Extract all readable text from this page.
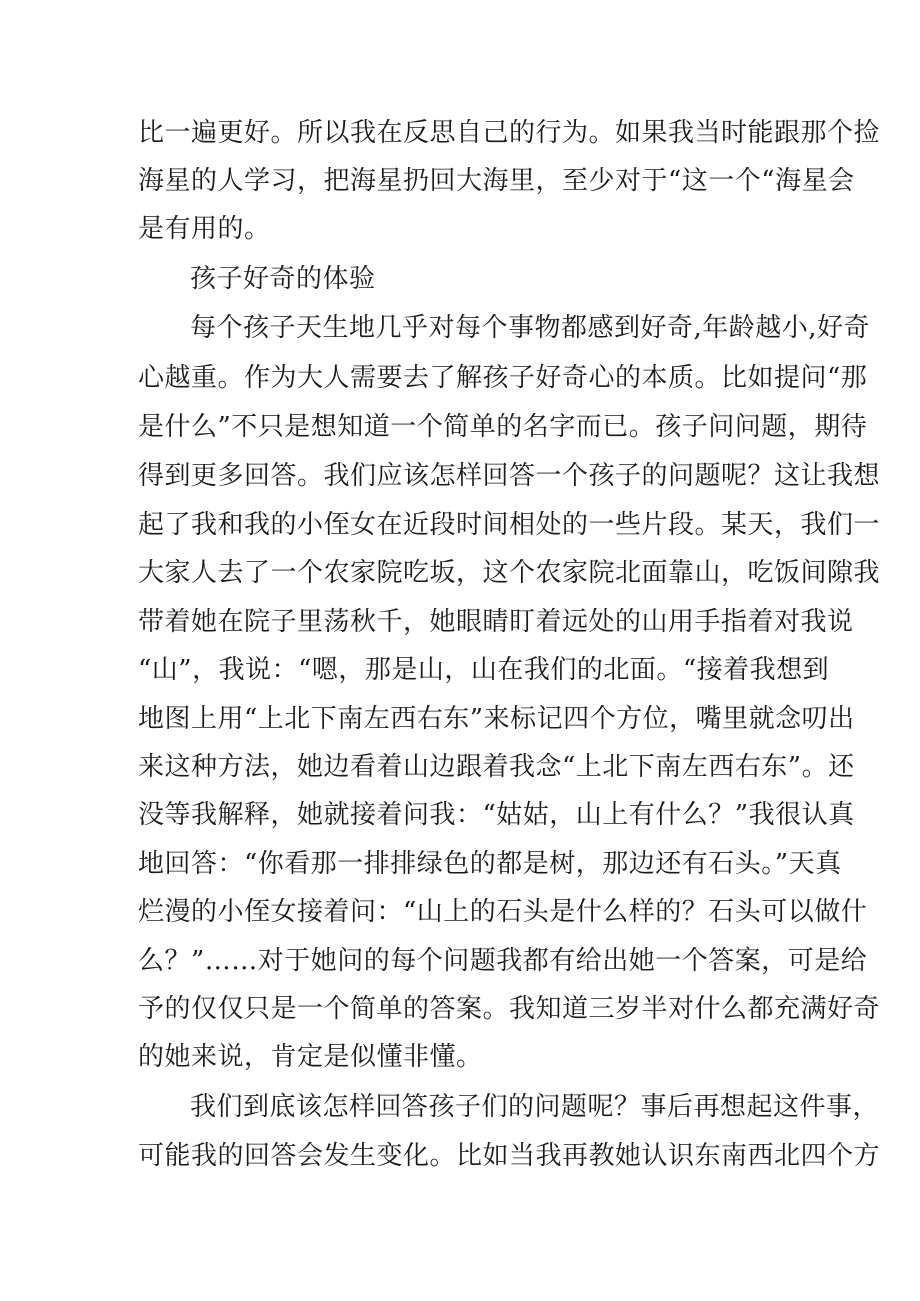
比一遍更好。所以我在反思自己的行为。如果我当时能跟那个捡
海星的人学习，把海星扔回大海里，至少对于“这一个“海星会
是有用的。
孩子好奇的体验
每个孩子天生地几乎对每个事物都感到好奇,年龄越小,好奇
心越重。作为大人需要去了解孩子好奇心的本质。比如提问“那
是什么”不只是想知道一个简单的名字而已。孩子问问题，期待
得到更多回答。我们应该怎样回答一个孩子的问题呢？这让我想
起了我和我的小侄女在近段时间相处的一些片段。某天，我们一
大家人去了一个农家院吃坂，这个农家院北面靠山，吃饭间隙我
带着她在院子里荡秋千，她眼睛盯着远处的山用手指着对我说
“山”，我说：“嗯，那是山，山在我们的北面。“接着我想到
地图上用“上北下南左西右东”来标记四个方位，嘴里就念叨出
来这种方法，她边看着山边跟着我念“上北下南左西右东”。还
没等我解释，她就接着问我：“姑姑，山上有什么？”我很认真
地回答：“你看那一排排绿色的都是树，那边还有石头。”天真
烂漫的小侄女接着问：“山上的石头是什么样的？石头可以做什
么？”……对于她问的每个问题我都有给出她一个答案，可是给
予的仅仅只是一个简单的答案。我知道三岁半对什么都充满好奇
的她来说，肯定是似懂非懂。
我们到底该怎样回答孩子们的问题呢？事后再想起这件事，
可能我的回答会发生变化。比如当我再教她认识东南西北四个方
